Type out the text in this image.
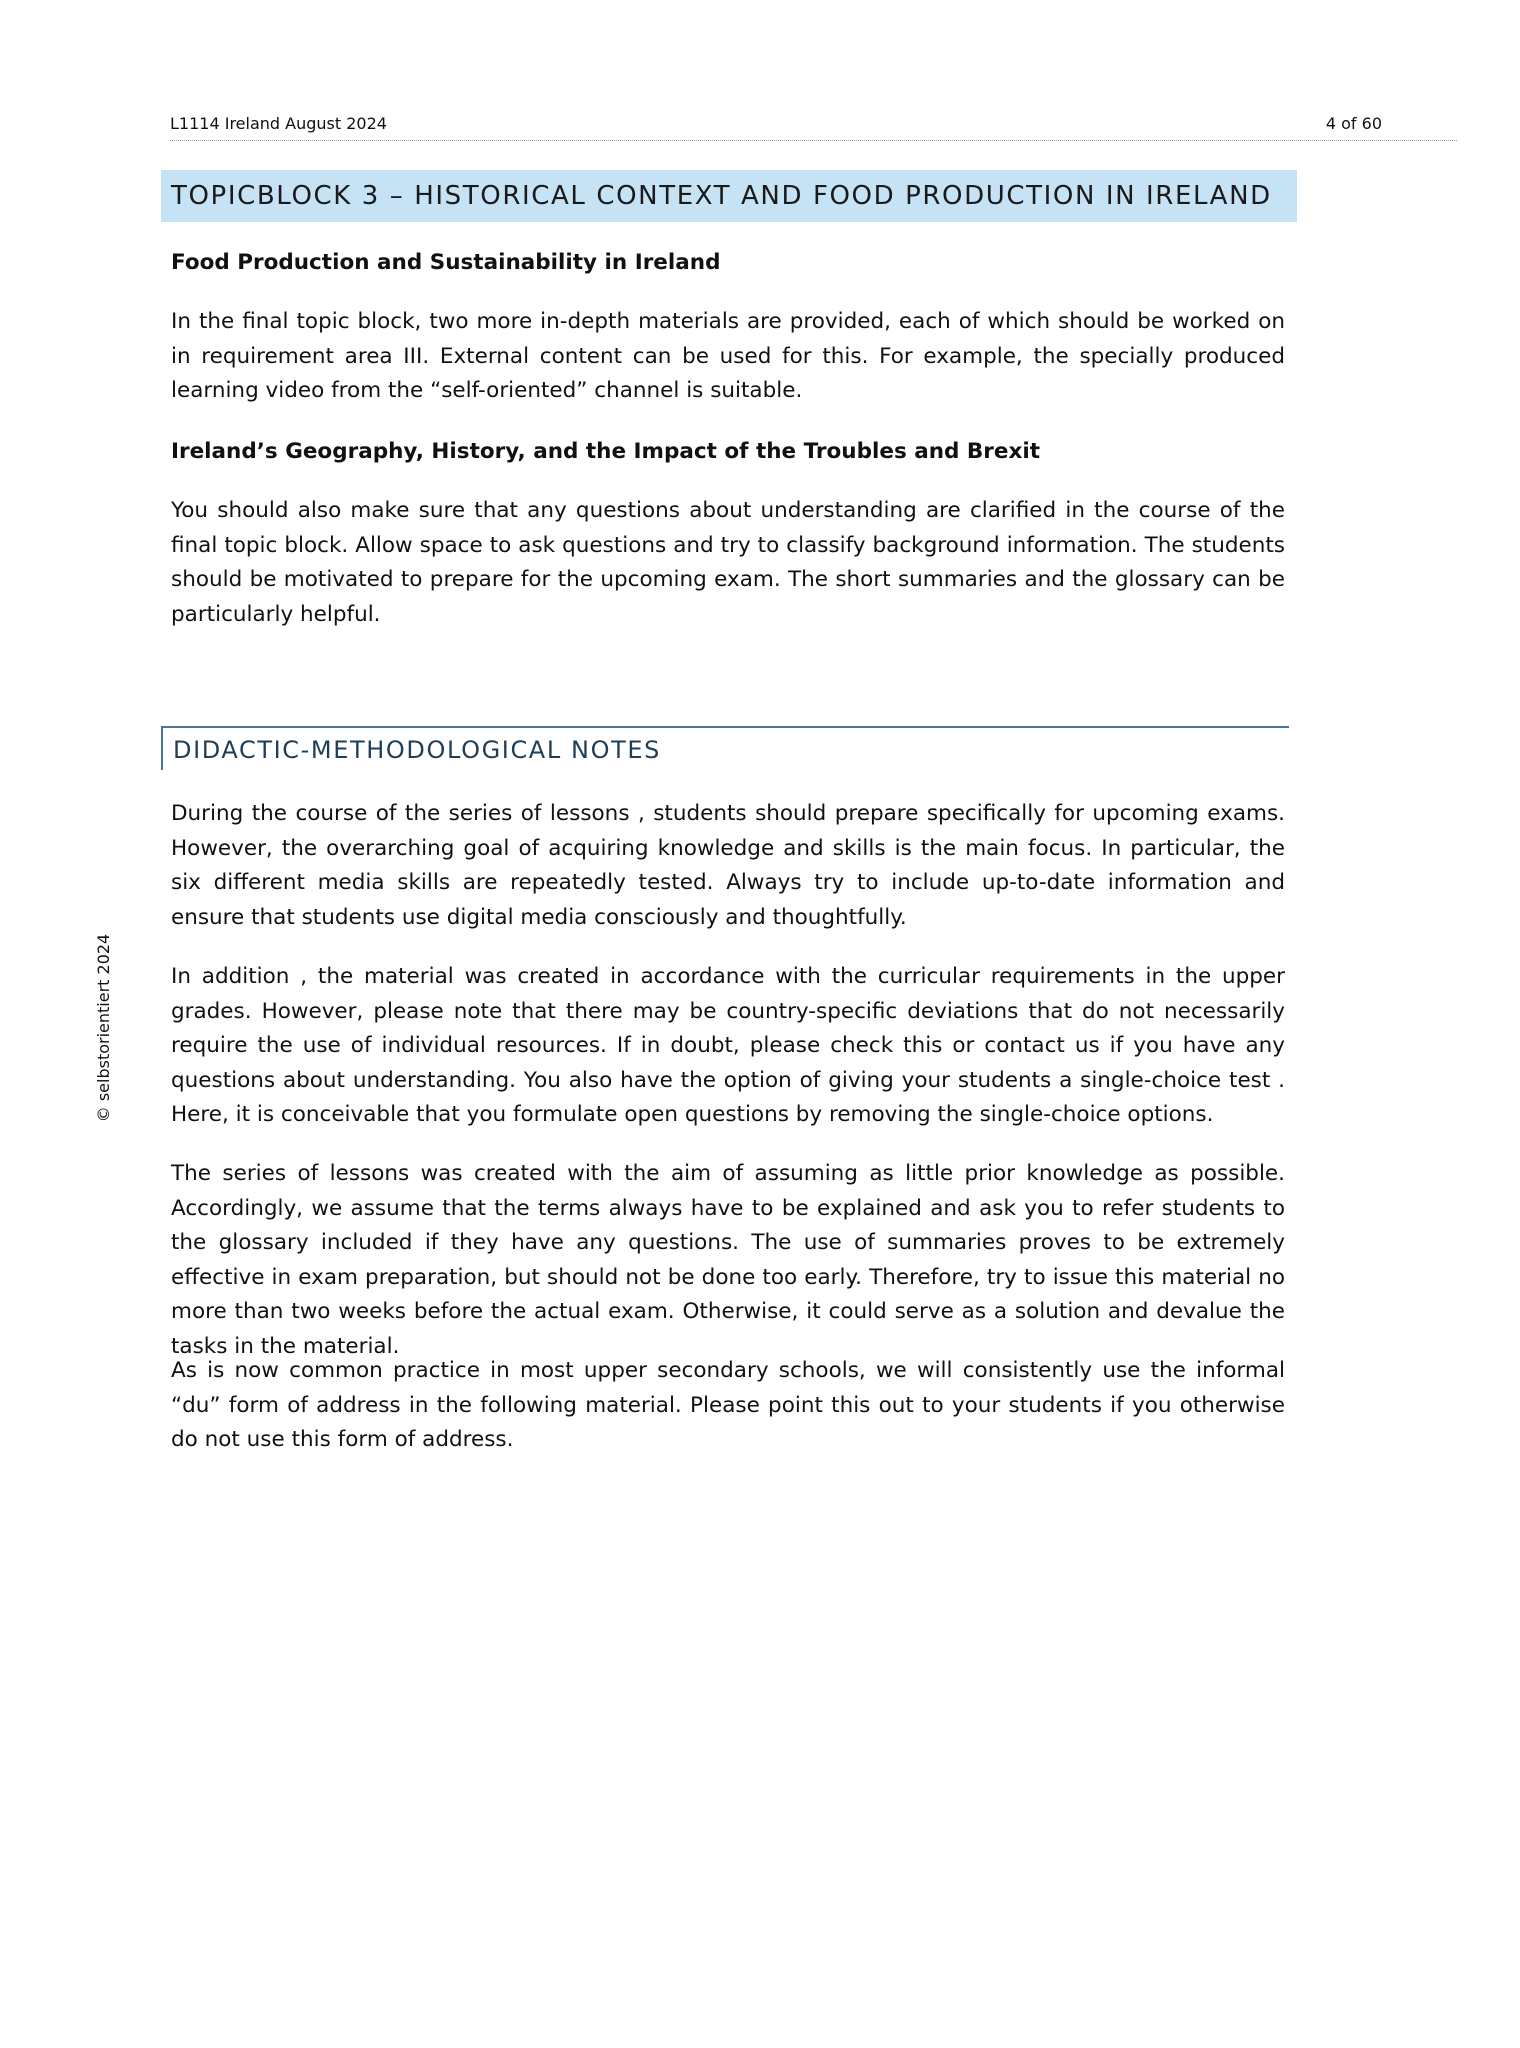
L1114 Ireland August 2024	4 of 60
TOPICBLOCK 3 – HISTORICAL CONTEXT AND FOOD PRODUCTION IN IRELAND

Food Production and Sustainability in Ireland

In the final topic block, two more in-depth materials are provided, each of which should be worked on in requirement area III. External content can be used for this. For example, the specially produced learning video from the “self-oriented” channel is suitable.

Ireland’s Geography, History, and the Impact of the Troubles and Brexit

You should also make sure that any questions about understanding are clarified in the course of the final topic block. Allow space to ask questions and try to classify background information. The students should be motivated to prepare for the upcoming exam. The short summaries and the glossary can be particularly helpful.

DIDACTIC-METHODOLOGICAL NOTES

During the course of the series of lessons , students should prepare specifically for upcoming exams. However, the overarching goal of acquiring knowledge and skills is the main focus. In particular, the six different media skills are repeatedly tested. Always try to include up-to-date information and ensure that students use digital media consciously and thoughtfully.

In addition , the material was created in accordance with the curricular requirements in the upper grades. However, please note that there may be country-specific deviations that do not necessarily require the use of individual resources. If in doubt, please check this or contact us if you have any questions about understanding. You also have the option of giving your students a single-choice test . Here, it is conceivable that you formulate open questions by removing the single-choice options.

The series of lessons was created with the aim of assuming as little prior knowledge as possible. Accordingly, we assume that the terms always have to be explained and ask you to refer students to the glossary included if they have any questions. The use of summaries proves to be extremely effective in exam preparation, but should not be done too early. Therefore, try to issue this material no more than two weeks before the actual exam. Otherwise, it could serve as a solution and devalue the tasks in the material.

As is now common practice in most upper secondary schools, we will consistently use the informal “du” form of address in the following material. Please point this out to your students if you otherwise do not use this form of address.

© selbstorientiert 2024
